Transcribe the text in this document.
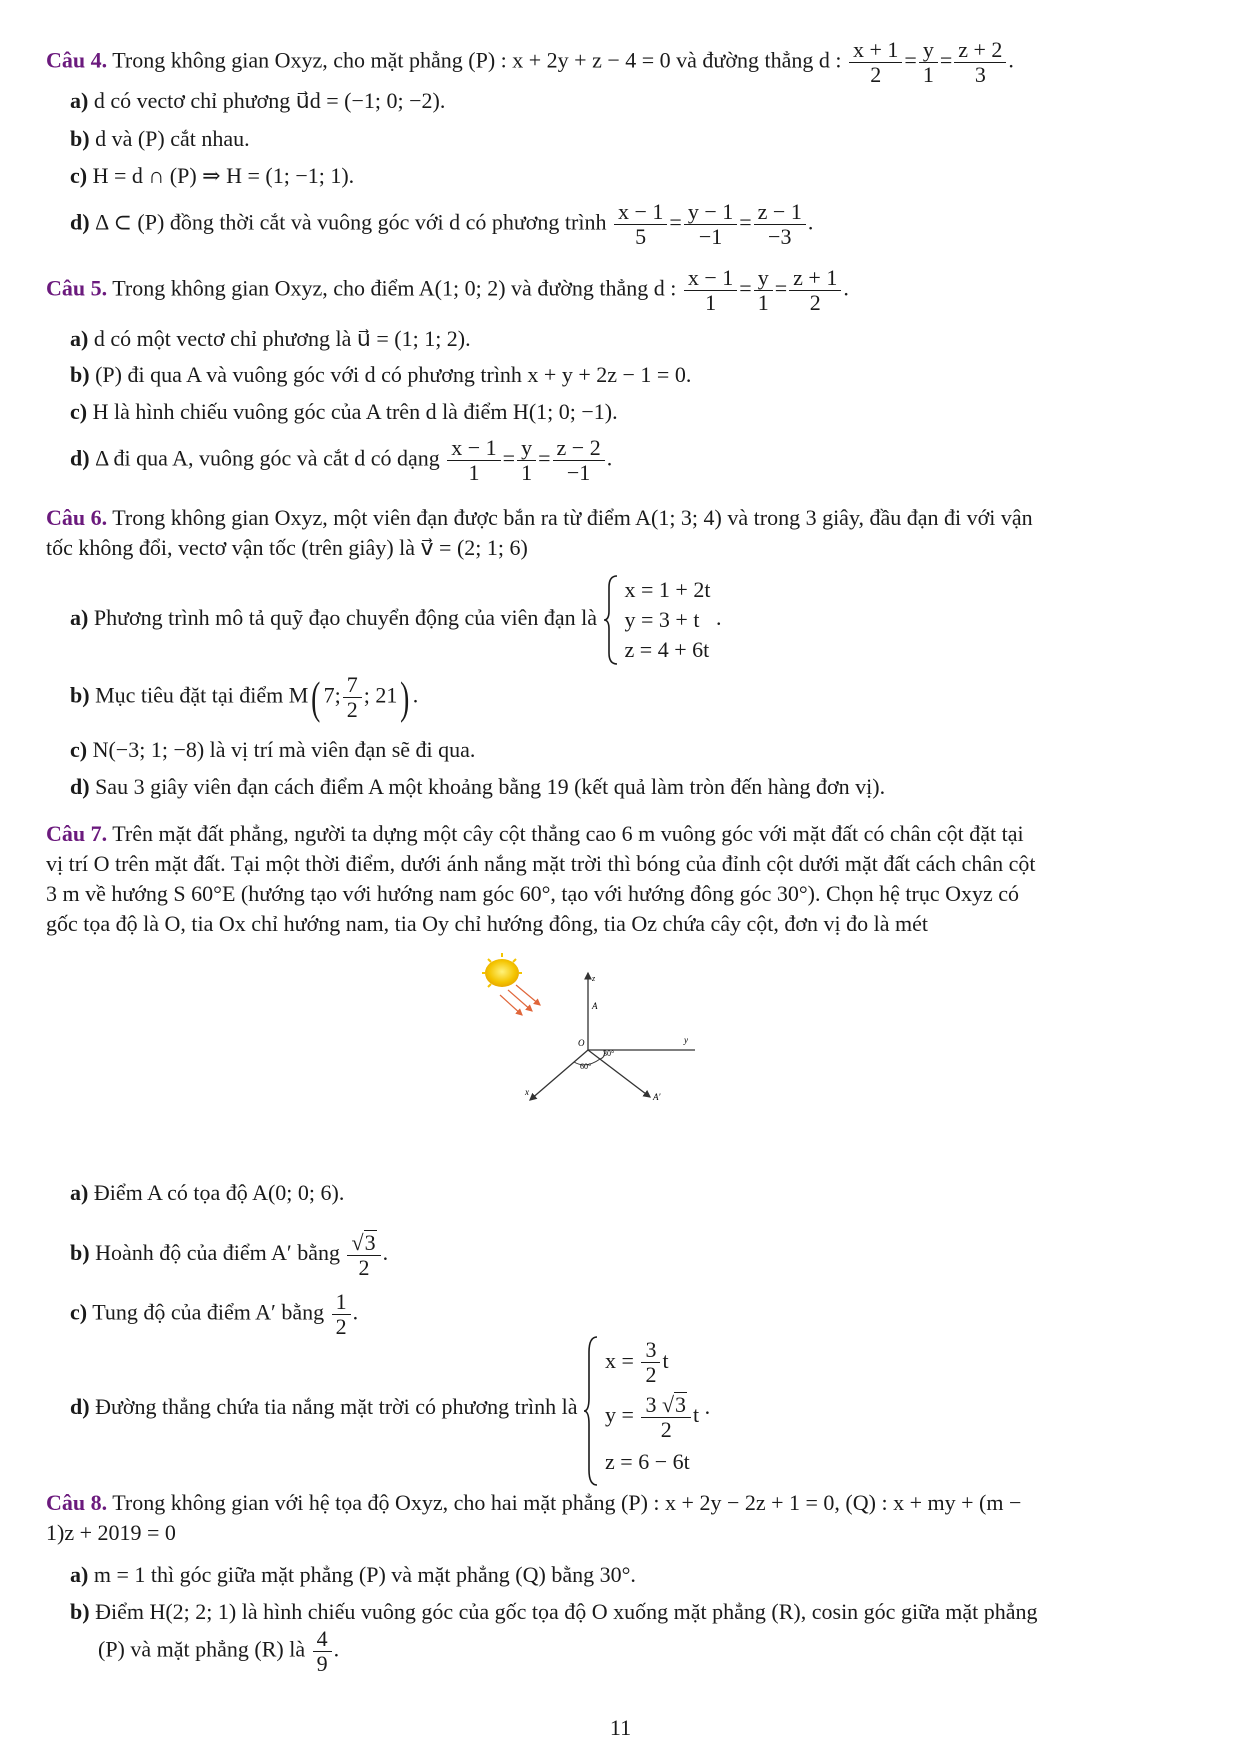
Câu 4. Trong không gian Oxyz, cho mặt phẳng (P) : x + 2y + z − 4 = 0 và đường thẳng d : $\frac{x + 1}{2} = \frac{y}{1} = \frac{z + 2}{3}$ .
a) d có vectơ chỉ phương u⃗d = (−1; 0; −2).
b) d và (P) cắt nhau.
c) H = d ∩ (P) ⇒ H = (1; −1; 1).
d) Δ ⊂ (P) đồng thời cắt và vuông góc với d có phương trình $\frac{x - 1}{5} = \frac{y - 1}{-1} = \frac{z - 1}{-3}$ .
Câu 5. Trong không gian Oxyz, cho điểm A(1; 0; 2) và đường thẳng d : $\frac{x - 1}{1} = \frac{y}{1} = \frac{z + 1}{2}$ .
a) d có một vectơ chỉ phương là u⃗ = (1; 1; 2).
b) (P) đi qua A và vuông góc với d có phương trình x + y + 2z − 1 = 0.
c) H là hình chiếu vuông góc của A trên d là điểm H(1; 0; −1).
d) Δ đi qua A, vuông góc và cắt d có dạng $\frac{x - 1}{1} = \frac{y}{1} = \frac{z - 2}{-1}$ .
Câu 6. Trong không gian Oxyz, một viên đạn được bắn ra từ điểm A(1; 3; 4) và trong 3 giây, đầu đạn đi với vận
tốc không đổi, vectơ vận tốc (trên giây) là v⃗ = (2; 1; 6)
a) Phương trình mô tả quỹ đạo chuyển động của viên đạn là
x = 1 + 2t
y = 3 + t
z = 4 + 6t
.
b) Mục tiêu đặt tại điểm M( 7; $\frac{7}{2}$ ; 21) .
c) N(−3; 1; −8) là vị trí mà viên đạn sẽ đi qua.
d) Sau 3 giây viên đạn cách điểm A một khoảng bằng 19 (kết quả làm tròn đến hàng đơn vị).
Câu 7. Trên mặt đất phẳng, người ta dựng một cây cột thẳng cao 6 m vuông góc với mặt đất có chân cột đặt tại
vị trí O trên mặt đất. Tại một thời điểm, dưới ánh nắng mặt trời thì bóng của đỉnh cột dưới mặt đất cách chân cột
3 m về hướng S 60°E (hướng tạo với hướng nam góc 60°, tạo với hướng đông góc 30°). Chọn hệ trục Oxyz có
gốc tọa độ là O, tia Ox chỉ hướng nam, tia Oy chỉ hướng đông, tia Oz chứa cây cột, đơn vị đo là mét
z
A
O	y
x	A′
30°
60°
a) Điểm A có tọa độ A(0; 0; 6).
b) Hoành độ của điểm A′ bằng $\frac{√3}{2}$ .
c) Tung độ của điểm A′ bằng $\frac{1}{2}$ .
d) Đường thẳng chứa tia nắng mặt trời có phương trình là
$x = \frac{3}{2}$ t
$y = \frac{3 √3}{2}$ t
z = 6 − 6t
.
Câu 8. Trong không gian với hệ tọa độ Oxyz, cho hai mặt phẳng (P) : x + 2y − 2z + 1 = 0, (Q) : x + my + (m −
1)z + 2019 = 0
a) m = 1 thì góc giữa mặt phẳng (P) và mặt phẳng (Q) bằng 30°.
b) Điểm H(2; 2; 1) là hình chiếu vuông góc của gốc tọa độ O xuống mặt phẳng (R), cosin góc giữa mặt phẳng
(P) và mặt phẳng (R) là $\frac{4}{9}$ .
11
